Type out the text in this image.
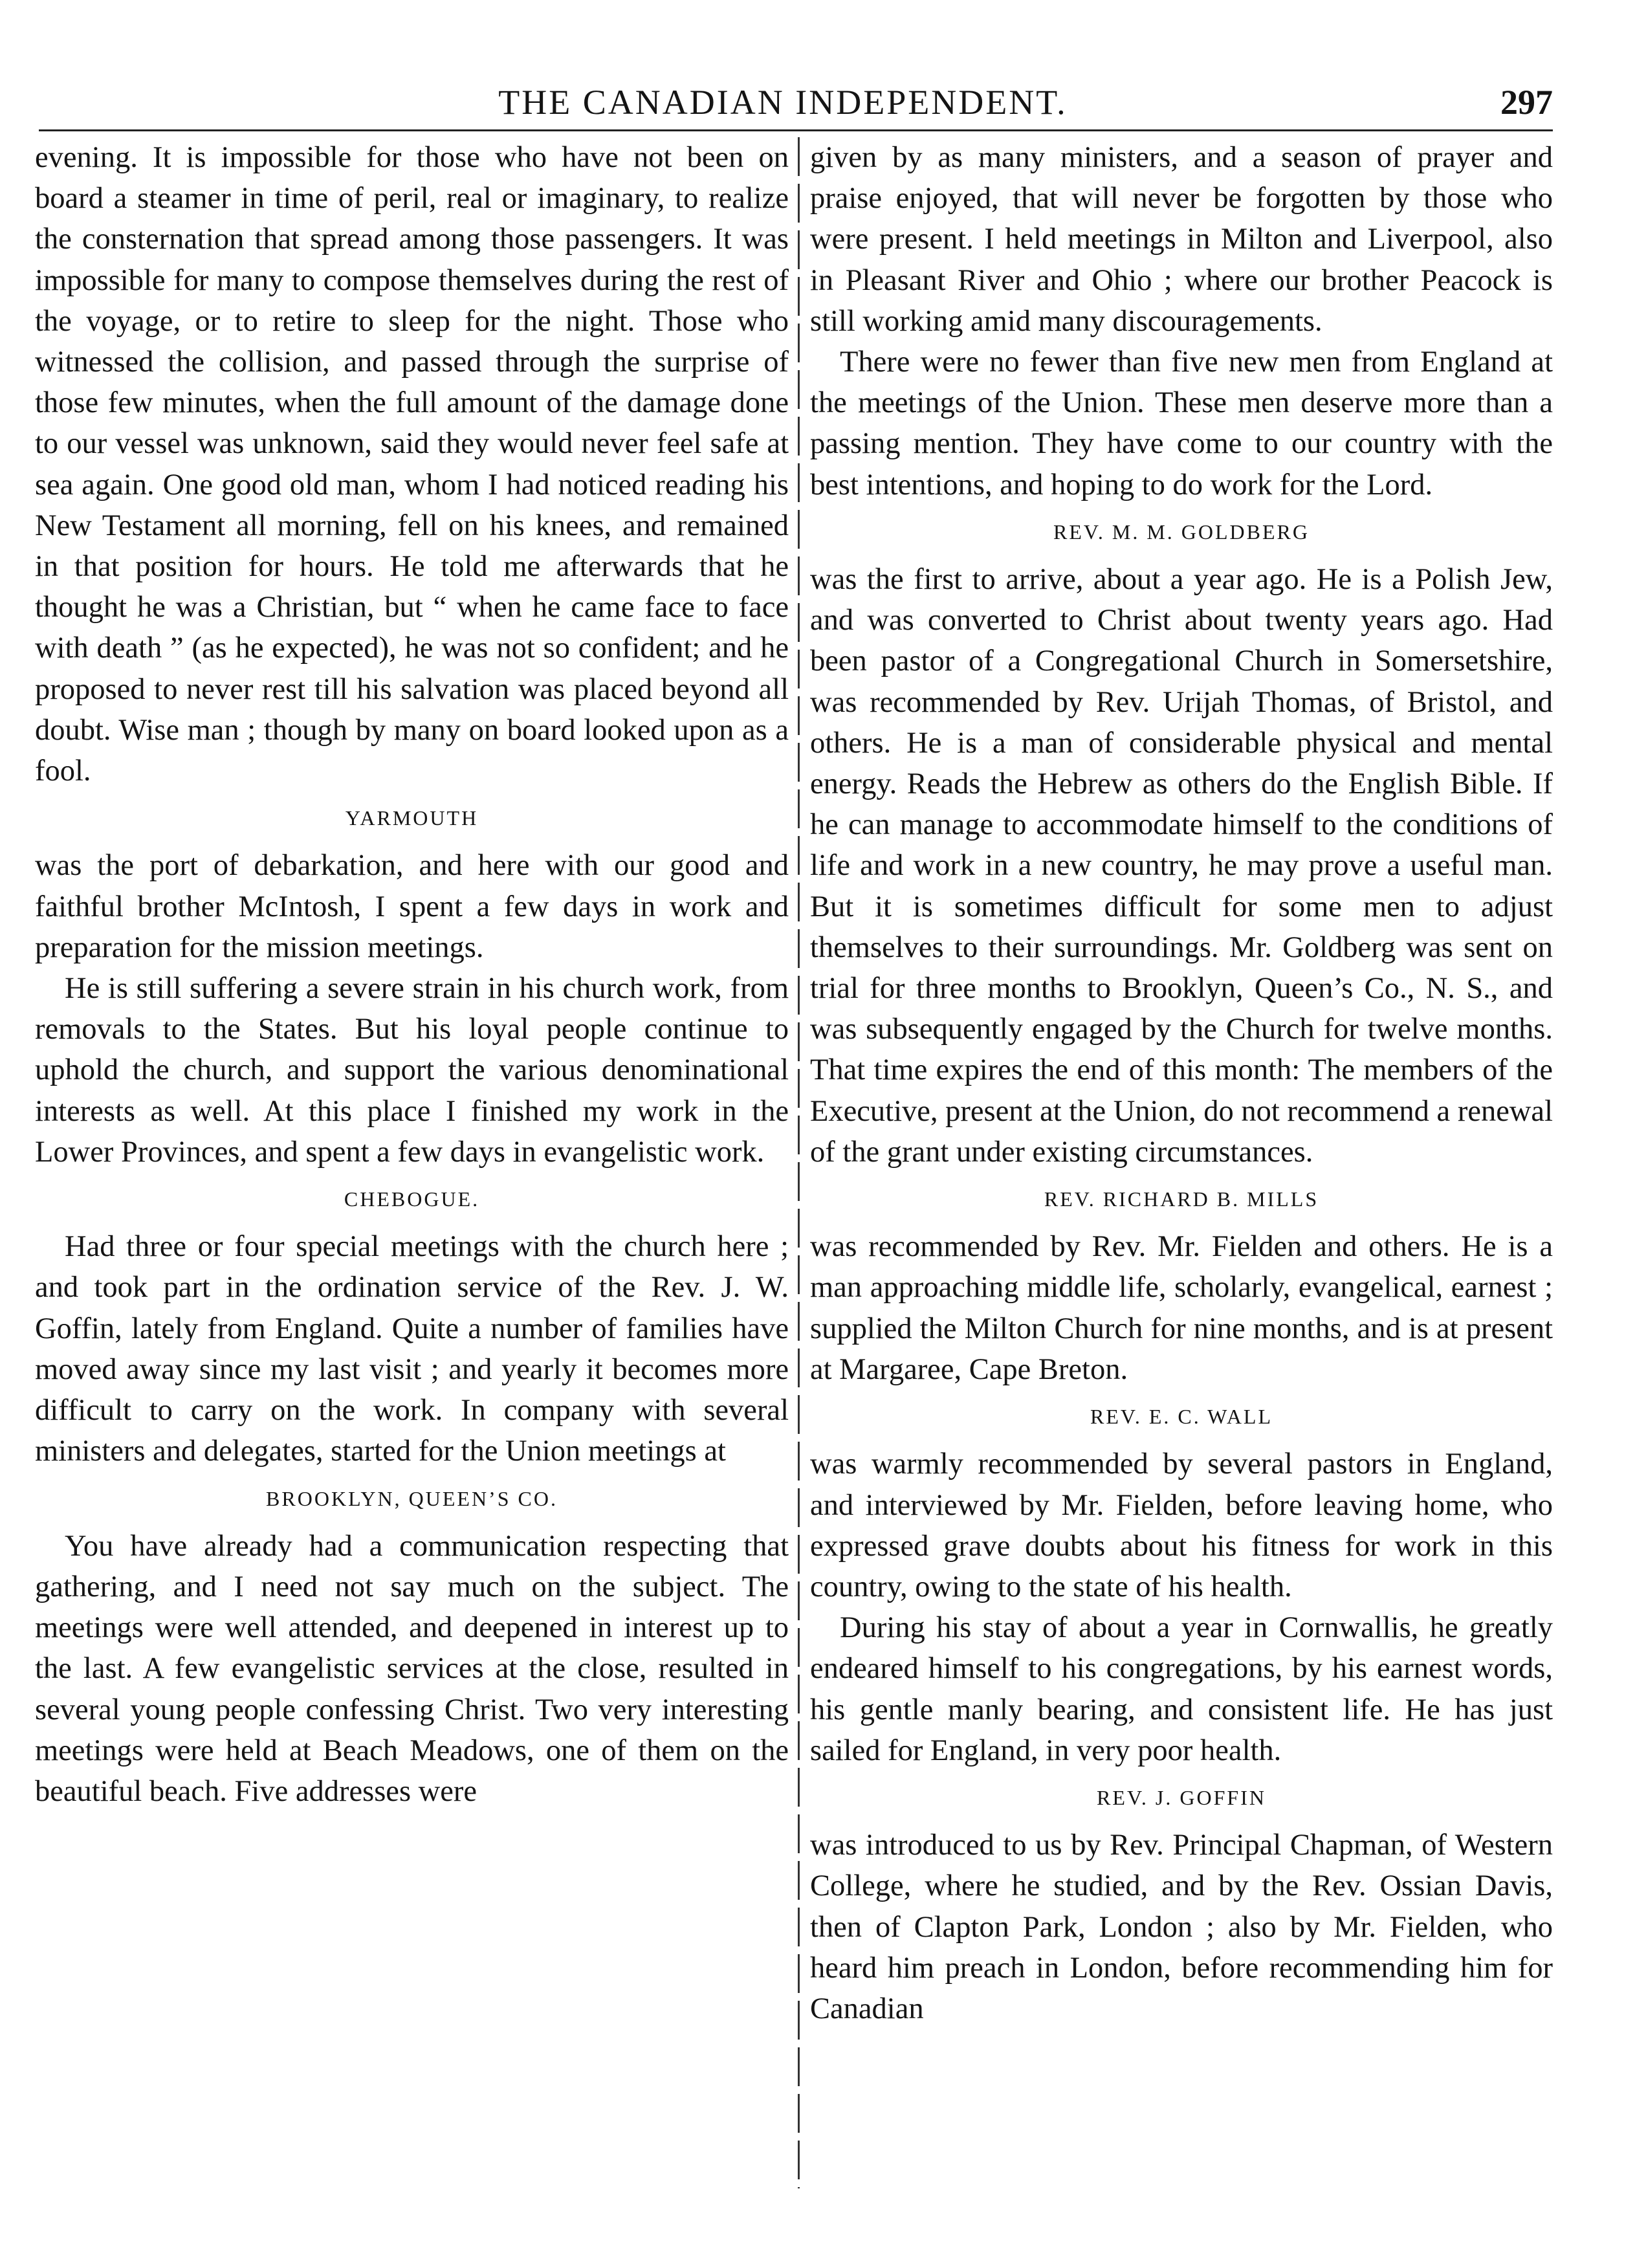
THE CANADIAN INDEPENDENT.	297

evening. It is impossible for those who have not been on board a steamer in time of peril, real or imaginary, to realize the consternation that spread among those passengers. It was impossible for many to compose themselves during the rest of the voyage, or to retire to sleep for the night. Those who witnessed the collision, and passed through the surprise of those few minutes, when the full amount of the damage done to our vessel was unknown, said they would never feel safe at sea again. One good old man, whom I had noticed reading his New Testament all morning, fell on his knees, and remained in that position for hours. He told me afterwards that he thought he was a Christian, but “ when he came face to face with death ” (as he expected), he was not so confident; and he proposed to never rest till his salvation was placed beyond all doubt. Wise man ; though by many on board looked upon as a fool.

YARMOUTH

was the port of debarkation, and here with our good and faithful brother McIntosh, I spent a few days in work and preparation for the mission meetings.

He is still suffering a severe strain in his church work, from removals to the States. But his loyal people continue to uphold the church, and support the various denominational interests as well. At this place I finished my work in the Lower Provinces, and spent a few days in evangelistic work.

CHEBOGUE.

Had three or four special meetings with the church here ; and took part in the ordination service of the Rev. J. W. Goffin, lately from England. Quite a number of families have moved away since my last visit ; and yearly it becomes more difficult to carry on the work. In company with several ministers and delegates, started for the Union meetings at

BROOKLYN, QUEEN’S CO.

You have already had a communication respecting that gathering, and I need not say much on the subject. The meetings were well attended, and deepened in interest up to the last. A few evangelistic services at the close, resulted in several young people confessing Christ. Two very interesting meetings were held at Beach Meadows, one of them on the beautiful beach. Five addresses were

given by as many ministers, and a season of prayer and praise enjoyed, that will never be forgotten by those who were present. I held meetings in Milton and Liverpool, also in Pleasant River and Ohio ; where our brother Peacock is still working amid many discouragements.

There were no fewer than five new men from England at the meetings of the Union. These men deserve more than a passing mention. They have come to our country with the best intentions, and hoping to do work for the Lord.

REV. M. M. GOLDBERG

was the first to arrive, about a year ago. He is a Polish Jew, and was converted to Christ about twenty years ago. Had been pastor of a Congregational Church in Somersetshire, was recommended by Rev. Urijah Thomas, of Bristol, and others. He is a man of considerable physical and mental energy. Reads the Hebrew as others do the English Bible. If he can manage to accommodate himself to the conditions of life and work in a new country, he may prove a useful man. But it is sometimes difficult for some men to adjust themselves to their surroundings. Mr. Goldberg was sent on trial for three months to Brooklyn, Queen’s Co., N. S., and was subsequently engaged by the Church for twelve months. That time expires the end of this month: The members of the Executive, present at the Union, do not recommend a renewal of the grant under existing circumstances.

REV. RICHARD B. MILLS

was recommended by Rev. Mr. Fielden and others. He is a man approaching middle life, scholarly, evangelical, earnest ; supplied the Milton Church for nine months, and is at present at Margaree, Cape Breton.

REV. E. C. WALL

was warmly recommended by several pastors in England, and interviewed by Mr. Fielden, before leaving home, who expressed grave doubts about his fitness for work in this country, owing to the state of his health.

During his stay of about a year in Cornwallis, he greatly endeared himself to his congregations, by his earnest words, his gentle manly bearing, and consistent life. He has just sailed for England, in very poor health.

REV. J. GOFFIN

was introduced to us by Rev. Principal Chapman, of Western College, where he studied, and by the Rev. Ossian Davis, then of Clapton Park, London ; also by Mr. Fielden, who heard him preach in London, before recommending him for Canadian
